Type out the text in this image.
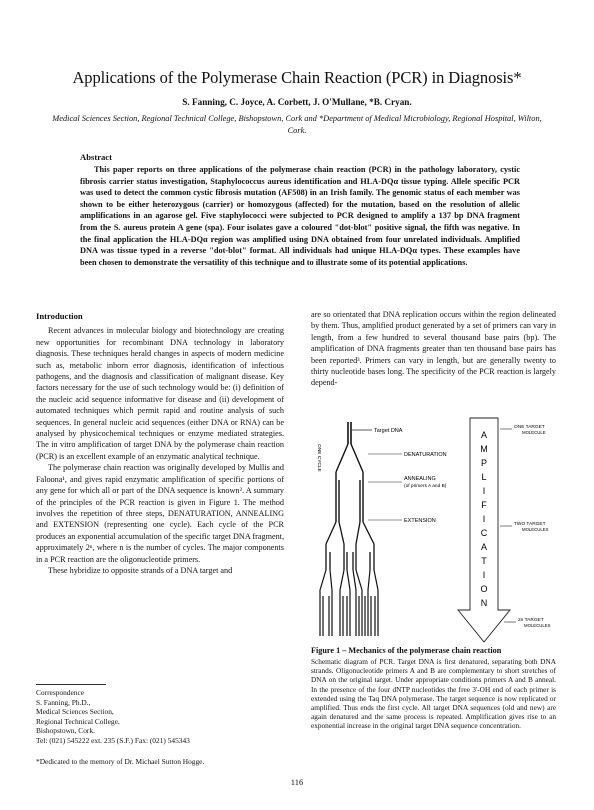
Applications of the Polymerase Chain Reaction (PCR) in Diagnosis*
S. Fanning, C. Joyce, A. Corbett, J. O'Mullane, *B. Cryan.
Medical Sciences Section, Regional Technical College, Bishopstown, Cork and *Department of Medical Microbiology, Regional Hospital, Wilton, Cork.
Abstract
This paper reports on three applications of the polymerase chain reaction (PCR) in the pathology laboratory, cystic fibrosis carrier status investigation, Staphylococcus aureus identification and HLA-DQα tissue typing. Allele specific PCR was used to detect the common cystic fibrosis mutation (AF508) in an Irish family. The genomic status of each member was shown to be either heterozygous (carrier) or homozygous (affected) for the mutation, based on the resolution of allelic amplifications in an agarose gel. Five staphylococci were subjected to PCR designed to amplify a 137 bp DNA fragment from the S. aureus protein A gene (spa). Four isolates gave a coloured "dot-blot" positive signal, the fifth was negative. In the final application the HLA-DQα region was amplified using DNA obtained from four unrelated individuals. Amplified DNA was tissue typed in a reverse "dot-blot" format. All individuals had unique HLA-DQα types. These examples have been chosen to demonstrate the versatility of this technique and to illustrate some of its potential applications.
Introduction

Recent advances in molecular biology and biotechnology are creating new opportunities for recombinant DNA technology in laboratory diagnosis. These techniques herald changes in aspects of modern medicine such as, metabolic inborn error diagnosis, identification of infectious pathogens, and the diagnosis and classification of malignant disease. Key factors necessary for the use of such technology would be: (i) definition of the nucleic acid sequence informative for disease and (ii) development of automated techniques which permit rapid and routine analysis of such sequences. In general nucleic acid sequences (either DNA or RNA) can be analysed by physicochemical techniques or enzyme mediated strategies. The in vitro amplification of target DNA by the polymerase chain reaction (PCR) is an excellent example of an enzymatic analytical technique.

The polymerase chain reaction was originally developed by Mullis and Faloona¹, and gives rapid enzymatic amplification of specific portions of any gene for which all or part of the DNA sequence is known². A summary of the principles of the PCR reaction is given in Figure 1. The method involves the repetition of three steps, DENATURATION, ANNEALING and EXTENSION (representing one cycle). Each cycle of the PCR produces an exponential accumulation of the specific target DNA fragment, approximately 2ⁿ, where n is the number of cycles. The major components in a PCR reaction are the oligonucleotide primers.

These hybridize to opposite strands of a DNA target and

are so orientated that DNA replication occurs within the region delineated by them. Thus, amplified product generated by a set of primers can vary in length, from a few hundred to several thousand base pairs (bp). The amplification of DNA fragments greater than ten thousand base pairs has been reported³. Primers can vary in length, but are generally twenty to thirty nucleotide bases long. The specificity of the PCR reaction is largely depend-

Target DNA
DENATURATION
ANNEALING
(of primers A and B)
EXTENSION
ONE CYCLE
A
M
P
L
I
F
I
C
A
T
I
O
N
ONE TARGET
MOLECULE
TWO TARGET
MOLECULES
2n TARGET
MOLECULES
Figure 1 – Mechanics of the polymerase chain reaction
Schematic diagram of PCR. Target DNA is first denatured, separating both DNA strands. Oligonucleotide primers A and B are complementary to short stretches of DNA on the original target. Under appropriate conditions primers A and B anneal. In the presence of the four dNTP nucleotides the free 3'-OH end of each primer is extended using the Taq DNA polymerase. The target sequence is now replicated or amplified. Thus ends the first cycle. All target DNA sequences (old and new) are again denatured and the same process is repeated. Amplification gives rise to an exponential increase in the original target DNA sequence concentration.
Correspondence
S. Fanning, Ph.D.,
Medical Sciences Section,
Regional Technical College,
Bishopstown, Cork.
Tel: (021) 545222 ext. 235 (S.F.) Fax: (021) 545343
*Dedicated to the memory of Dr. Michael Sutton Hogge.
116
